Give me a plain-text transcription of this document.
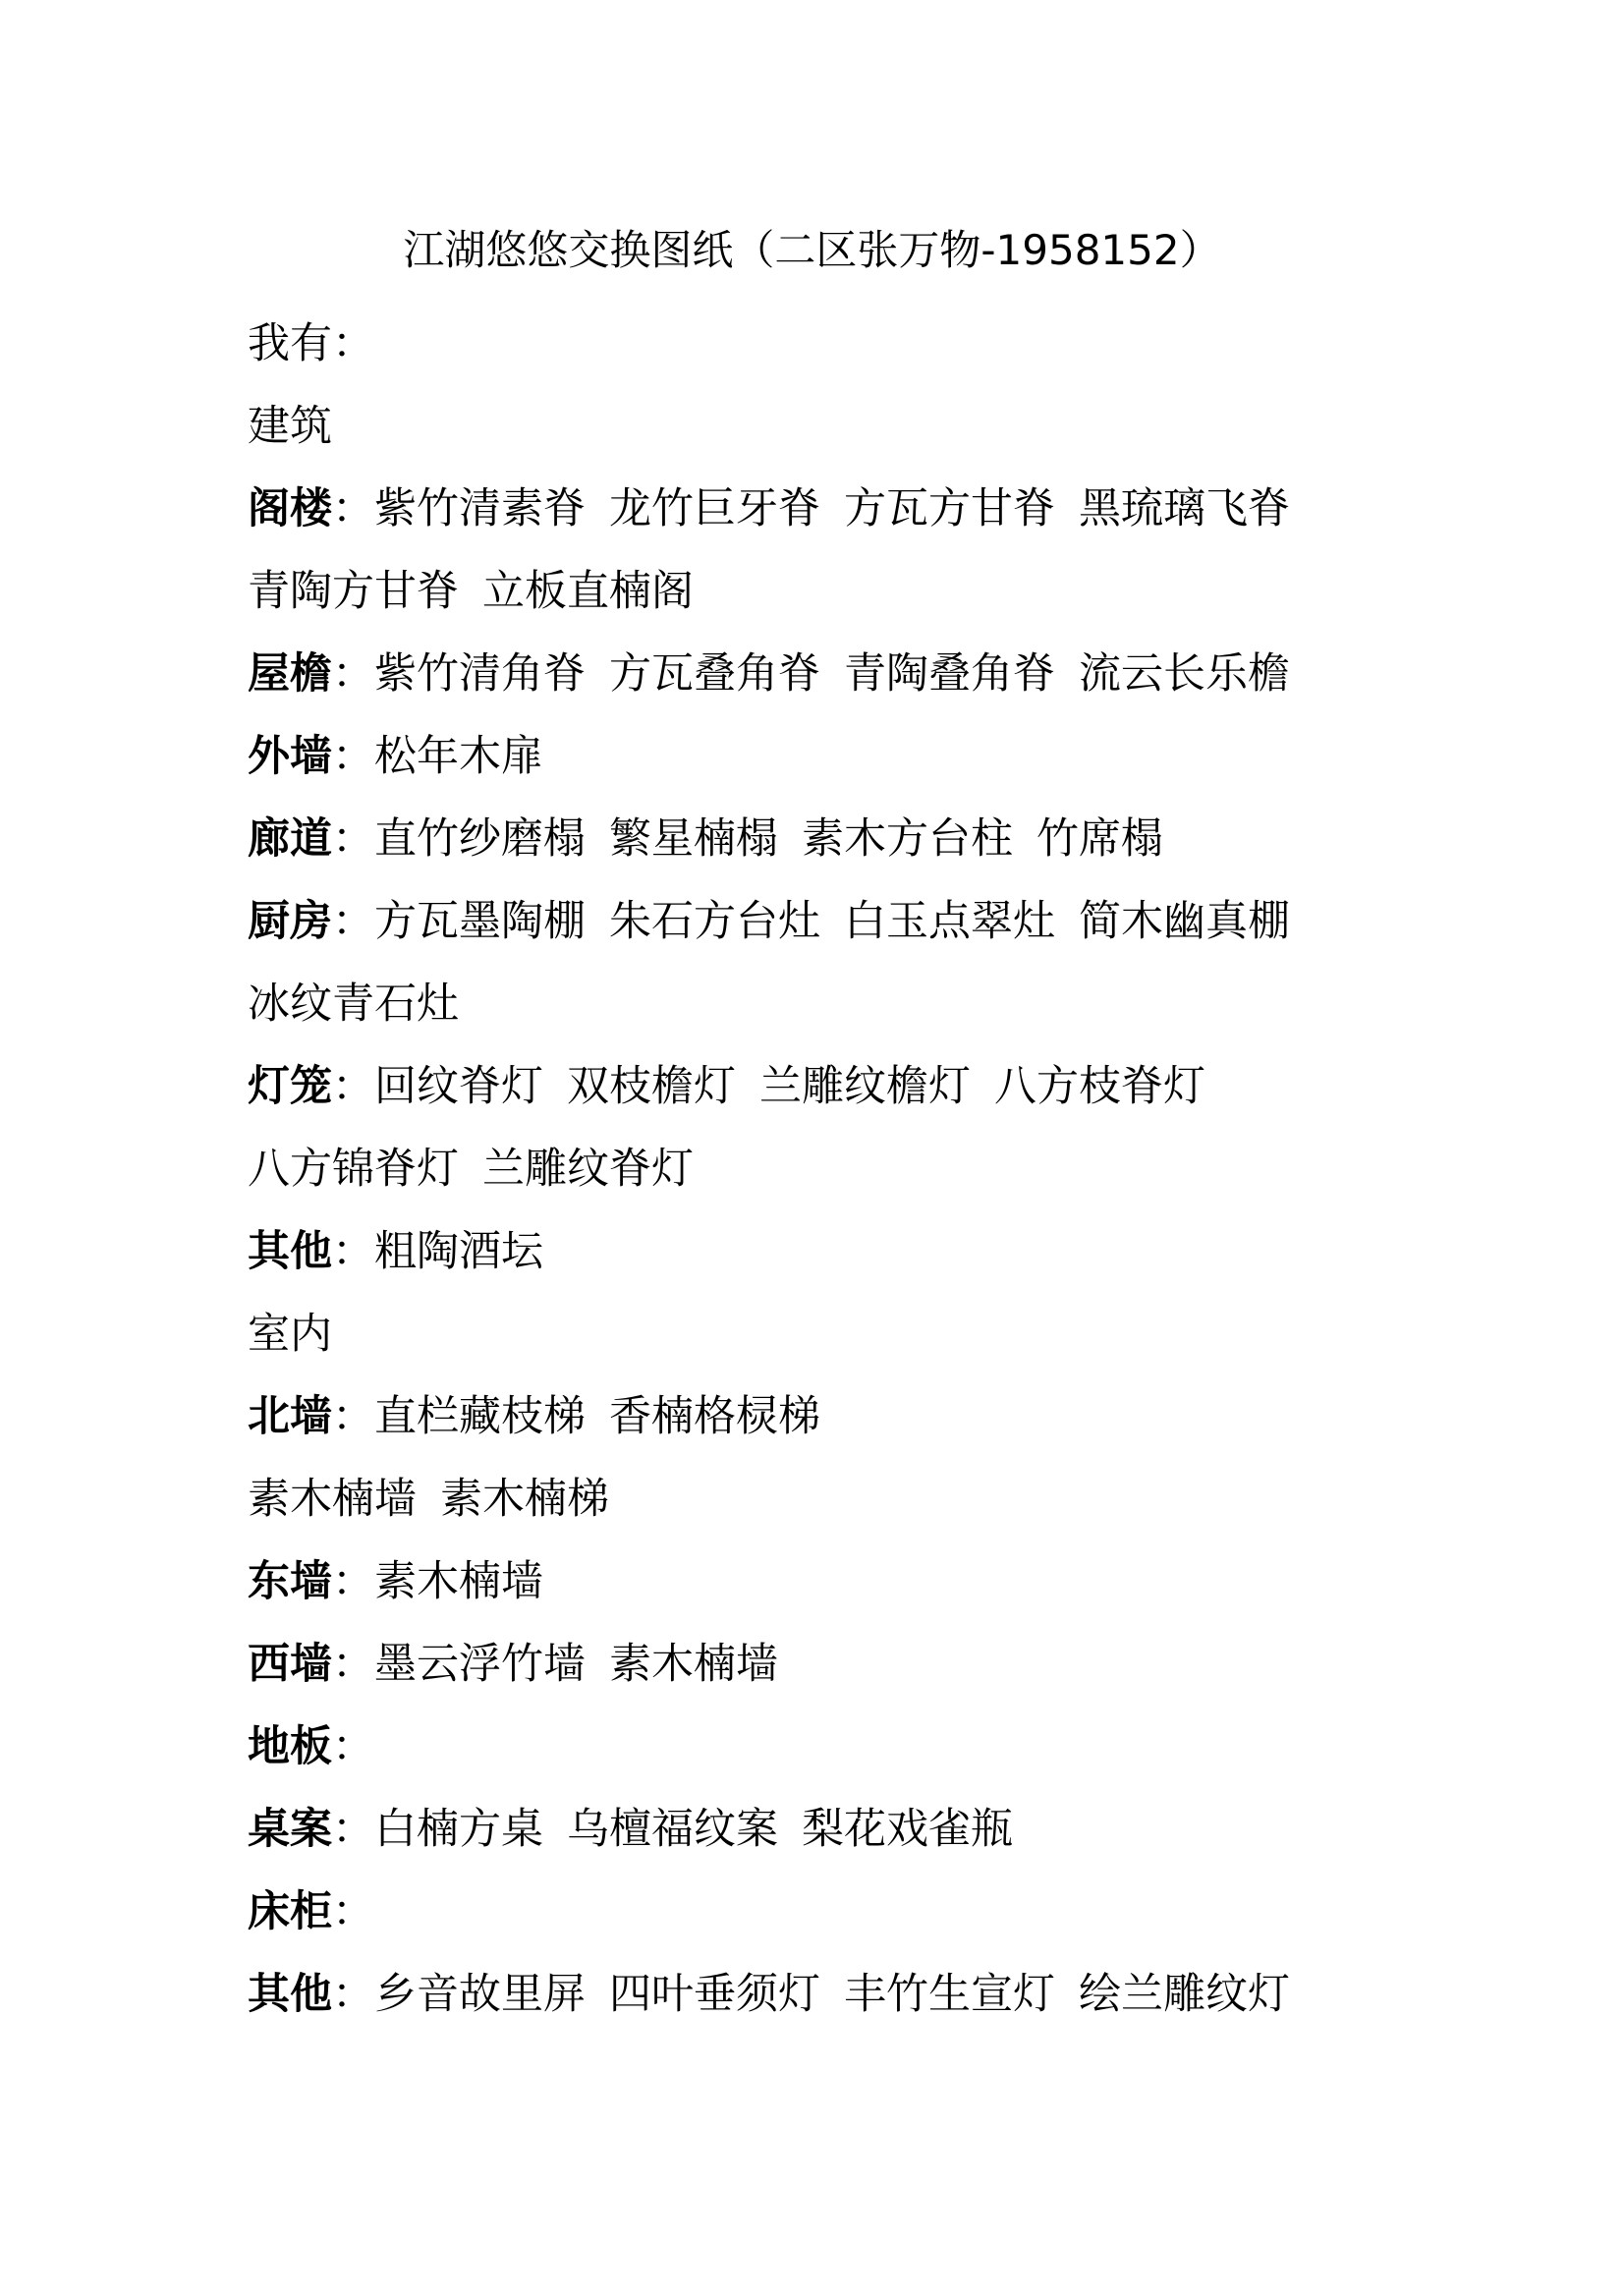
江湖悠悠交换图纸（二区张万物-1958152）
我有：
建筑
阁楼：紫竹清素脊 龙竹巨牙脊 方瓦方甘脊 黑琉璃飞脊
青陶方甘脊 立板直楠阁
屋檐：紫竹清角脊 方瓦叠角脊 青陶叠角脊 流云长乐檐
外墙：松年木扉
廊道：直竹纱磨榻 繁星楠榻 素木方台柱 竹席榻
厨房：方瓦墨陶棚 朱石方台灶 白玉点翠灶 简木幽真棚
冰纹青石灶
灯笼：回纹脊灯 双枝檐灯 兰雕纹檐灯 八方枝脊灯
八方锦脊灯 兰雕纹脊灯
其他：粗陶酒坛
室内
北墙：直栏藏枝梯 香楠格棂梯
素木楠墙 素木楠梯
东墙：素木楠墙
西墙：墨云浮竹墙 素木楠墙
地板：
桌案：白楠方桌 乌檀福纹案 梨花戏雀瓶
床柜：
其他：乡音故里屏 四叶垂须灯 丰竹生宣灯 绘兰雕纹灯
